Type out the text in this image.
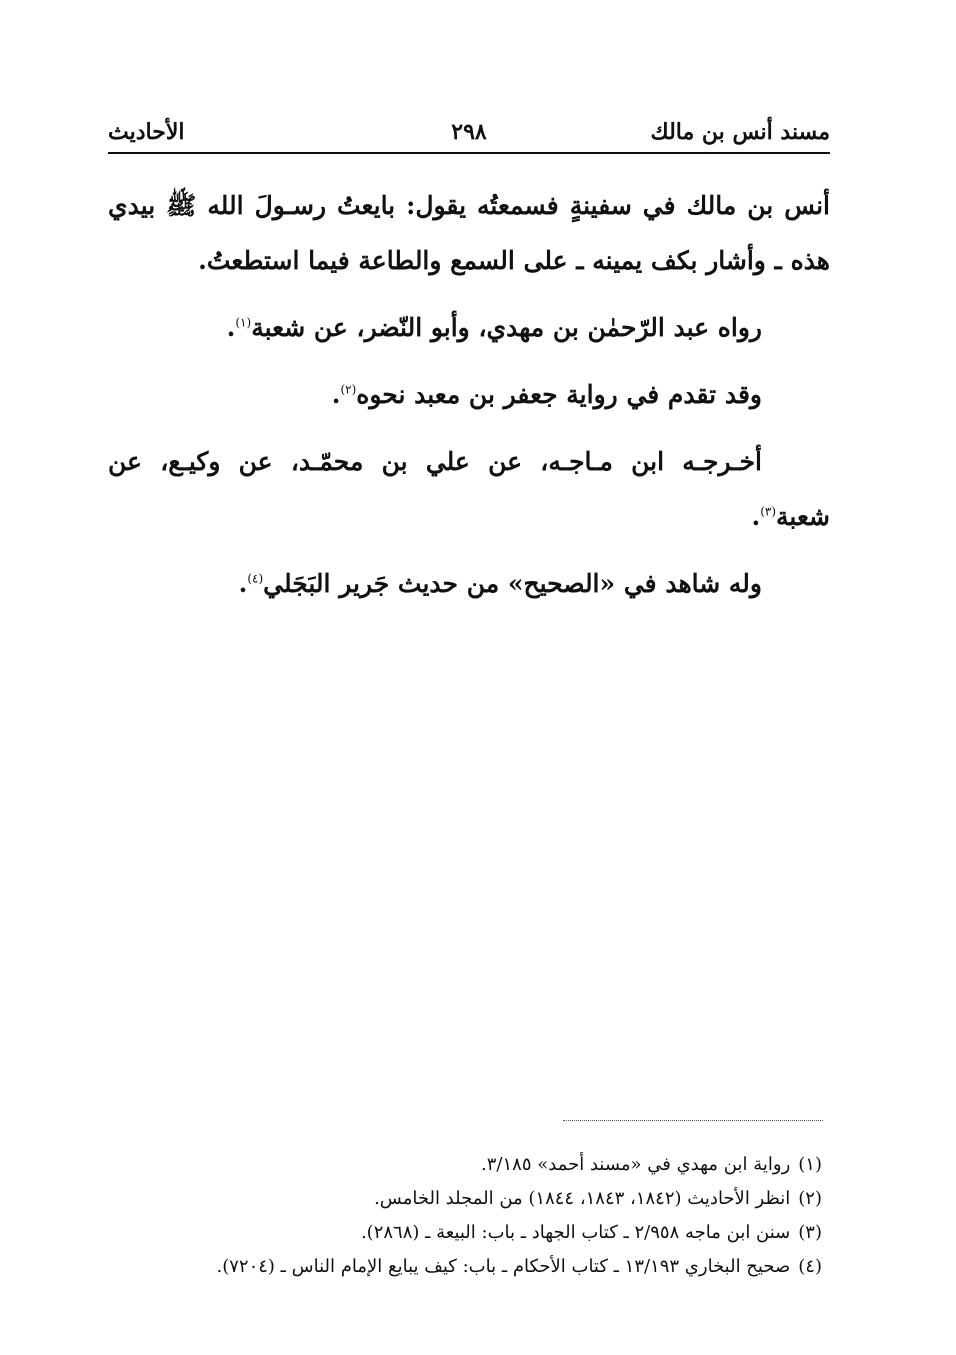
مسند أنس بن مالك
٢٩٨
الأحاديث

أنس بن مالك في سفينةٍ فسمعتُه يقول: بايعتُ رسـولَ الله ﷺ بيدي هذه ـ وأشار بكف يمينه ـ على السمع والطاعة فيما استطعتُ.

رواه عبد الرّحمٰن بن مهدي، وأبو النّضر، عن شعبة$^{(١)}$.

وقد تقدم في رواية جعفر بن معبد نحوه$^{(٢)}$.

أخـرجـه ابن مـاجـه، عن علي بن محمّـد، عن وكيـع، عن شعبة$^{(٣)}$.

وله شاهد في «الصحيح» من حديث جَرير البَجَلي$^{(٤)}$.

(١)رواية ابن مهدي في «مسند أحمد» ٣/١٨٥.

(٢)انظر الأحاديث (١٨٤٢، ١٨٤٣، ١٨٤٤) من المجلد الخامس.

(٣)سنن ابن ماجه ٢/٩٥٨ ـ كتاب الجهاد ـ باب: البيعة ـ (٢٨٦٨).

(٤)صحيح البخاري ١٣/١٩٣ ـ كتاب الأحكام ـ باب: كيف يبايع الإمام الناس ـ (٧٢٠٤).
